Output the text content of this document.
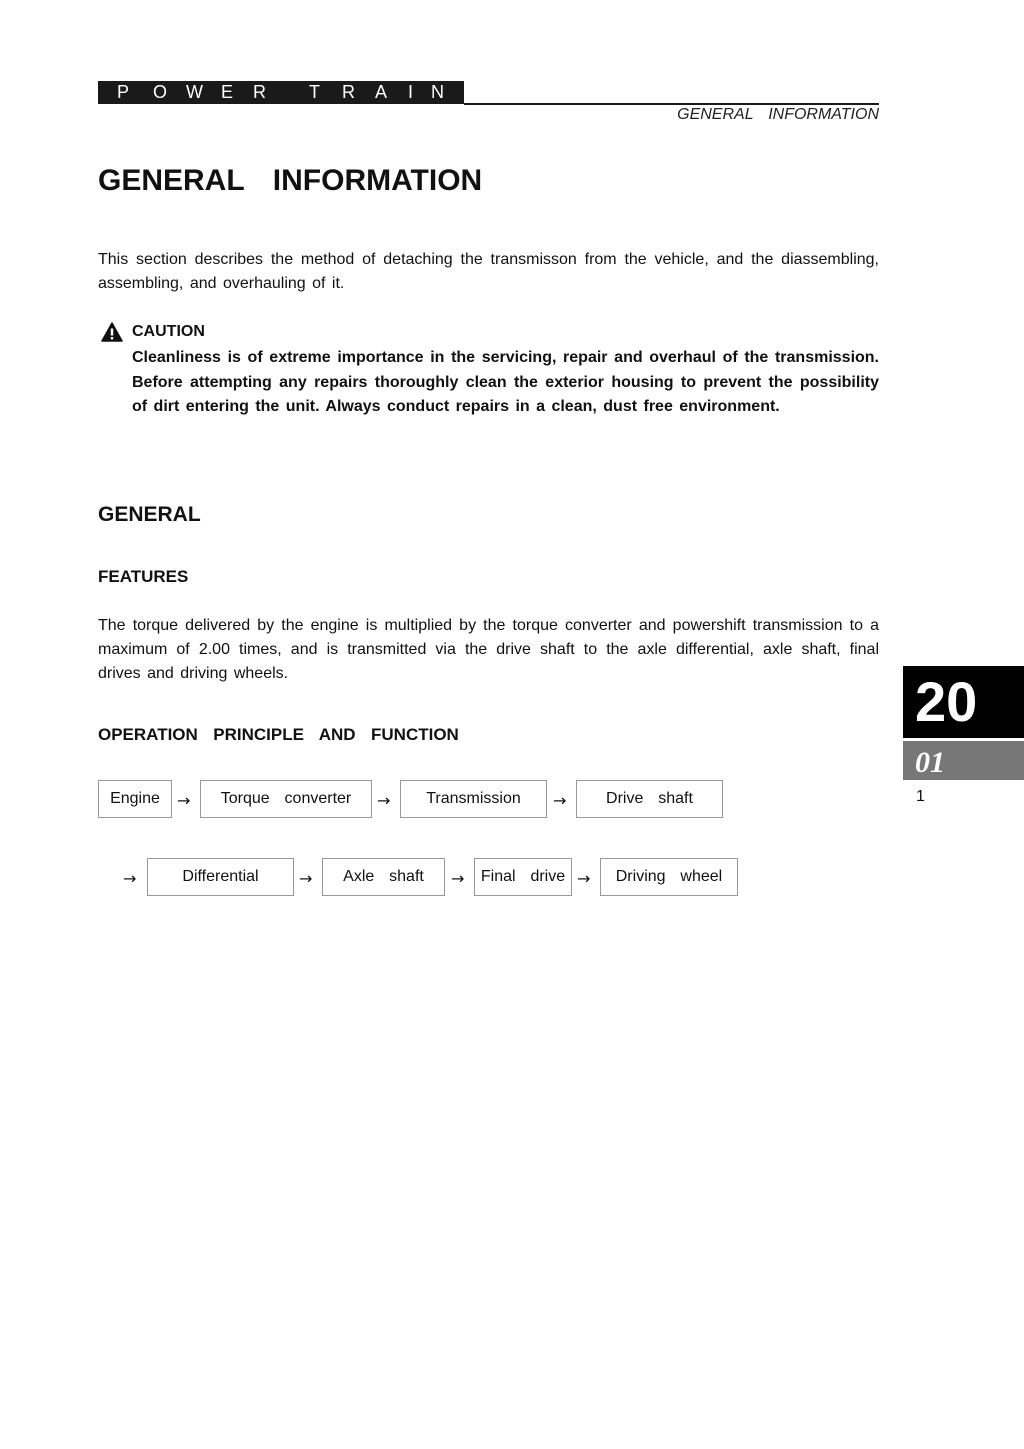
P O W E R T R A I N
GENERAL  INFORMATION
GENERAL  INFORMATION
This section describes the method of detaching the transmisson from the vehicle, and the diassembling, assembling, and overhauling of it.
CAUTION
Cleanliness is of extreme importance in the servicing, repair and overhaul of the transmission. Before attempting any repairs thoroughly clean the exterior housing to prevent the possibility of dirt entering the unit. Always conduct repairs in a clean, dust free environment.
GENERAL
FEATURES
The torque delivered by the engine is multiplied by the torque converter and powershift transmission to a maximum of 2.00 times, and is transmitted via the drive shaft to the axle differential, axle shaft, final drives and driving wheels.
OPERATION  PRINCIPLE  AND  FUNCTION
Engine	→	Torque  converter	→	Transmission	→	Drive  shaft
→	Differential	→	Axle  shaft	→	Final  drive →	Driving  wheel
20
01
1
